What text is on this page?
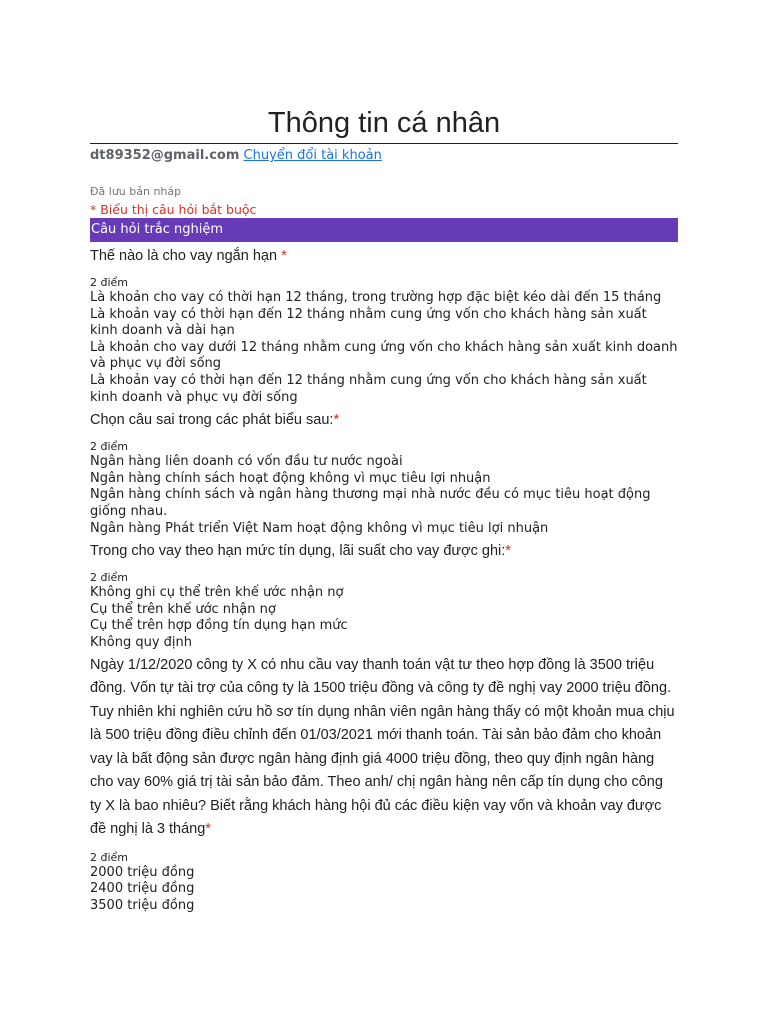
Thông tin cá nhân
dt89352@gmail.com Chuyển đổi tài khoản
Đã lưu bản nháp
* Biểu thị câu hỏi bắt buộc
Câu hỏi trắc nghiệm
Thế nào là cho vay ngắn hạn *
2 điểm
Là khoản cho vay có thời hạn 12 tháng, trong trường hợp đặc biệt kéo dài đến 15 tháng
Là khoản vay có thời hạn đến 12 tháng nhằm cung ứng vốn cho khách hàng sản xuất kinh doanh và dài hạn
Là khoản cho vay dưới 12 tháng nhằm cung ứng vốn cho khách hàng sản xuất kinh doanh và phục vụ đời sống
Là khoản vay có thời hạn đến 12 tháng nhằm cung ứng vốn cho khách hàng sản xuất kinh doanh và phục vụ đời sống
Chọn câu sai trong các phát biểu sau:*
2 điểm
Ngân hàng liên doanh có vốn đầu tư nước ngoài
Ngân hàng chính sách hoạt động không vì mục tiêu lợi nhuận
Ngân hàng chính sách và ngân hàng thương mại nhà nước đều có mục tiêu hoạt động giống nhau.
Ngân hàng Phát triển Việt Nam hoạt động không vì mục tiêu lợi nhuận
Trong cho vay theo hạn mức tín dụng, lãi suất cho vay được ghi:*
2 điểm
Không ghi cụ thể trên khế ước nhận nợ
Cụ thể trên khế ước nhận nợ
Cụ thể trên hợp đồng tín dụng hạn mức
Không quy định
Ngày 1/12/2020 công ty X có nhu cầu vay thanh toán vật tư theo hợp đồng là 3500 triệu đồng. Vốn tự tài trợ của công ty là 1500 triệu đồng và công ty đề nghị vay 2000 triệu đồng. Tuy nhiên khi nghiên cứu hồ sơ tín dụng nhân viên ngân hàng thấy có một khoản mua chịu là 500 triệu đồng điều chỉnh đến 01/03/2021 mới thanh toán. Tài sản bảo đảm cho khoản vay là bất động sản được ngân hàng định giá 4000 triệu đồng, theo quy định ngân hàng cho vay 60% giá trị tài sản bảo đảm. Theo anh/ chị ngân hàng nên cấp tín dụng cho công ty X là bao nhiêu? Biết rằng khách hàng hội đủ các điều kiện vay vốn và khoản vay được đề nghị là 3 tháng*
2 điểm
2000 triệu đồng
2400 triệu đồng
3500 triệu đồng
